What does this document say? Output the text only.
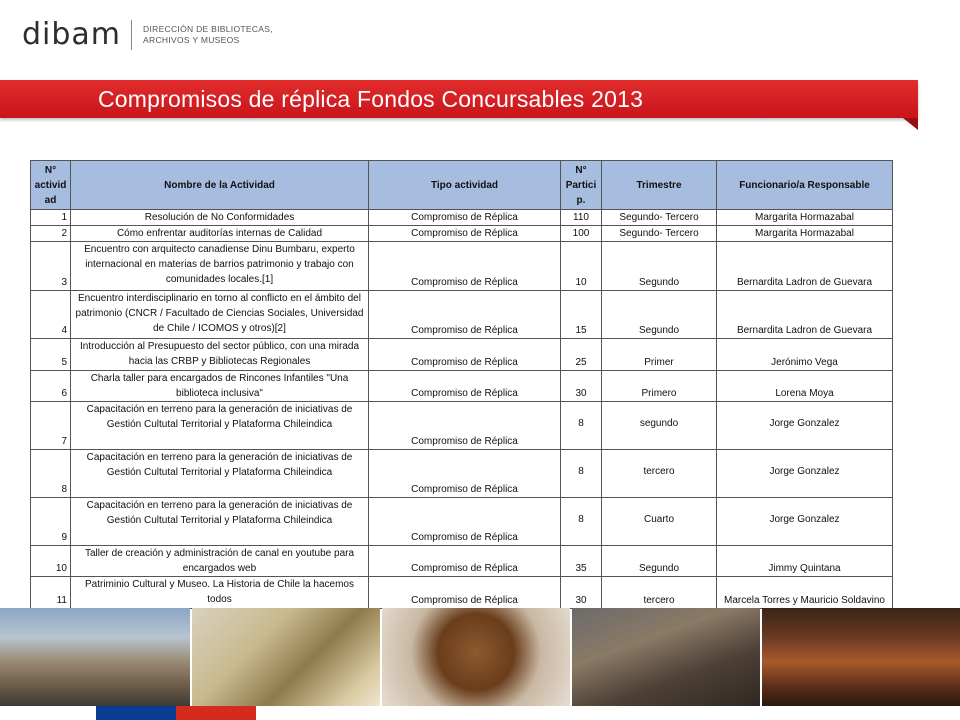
dibam	DIRECCIÓN DE BIBLIOTECAS,
ARCHIVOS Y MUSEOS
Compromisos de réplica Fondos Concursables 2013
N° activid ad	Nombre de la Actividad	Tipo actividad	N° Partici p.	Trimestre	Funcionario/a Responsable
1	Resolución de No Conformidades	Compromiso de Réplica	110	Segundo- Tercero	Margarita Hormazabal
2	Cómo enfrentar auditorías internas de Calidad	Compromiso de Réplica	100	Segundo- Tercero	Margarita Hormazabal
3	Encuentro con arquitecto canadiense Dinu Bumbaru, experto internacional en materias de barrios patrimonio y trabajo con comunidades locales.[1]	Compromiso de Réplica	10	Segundo	Bernardita Ladron de Guevara
4	Encuentro interdisciplinario en torno al conflicto en el ámbito del patrimonio (CNCR / Facultado de Ciencias Sociales, Universidad de Chile / ICOMOS y otros)[2]	Compromiso de Réplica	15	Segundo	Bernardita Ladron de Guevara
5	Introducción al Presupuesto del sector público, con una mirada hacia las CRBP y Bibliotecas Regionales	Compromiso de Réplica	25	Primer	Jerónimo Vega
6	Charla taller para encargados de Rincones Infantiles "Una biblioteca inclusiva"	Compromiso de Réplica	30	Primero	Lorena Moya
7	Capacitación en terreno para la generación de iniciativas de Gestión Cultutal Territorial y Plataforma Chileindica	Compromiso de Réplica	8	segundo	Jorge Gonzalez
8	Capacitación en terreno para la generación de iniciativas de Gestión Cultutal Territorial y Plataforma Chileindica	Compromiso de Réplica	8	tercero	Jorge Gonzalez
9	Capacitación en terreno para la generación de iniciativas de Gestión Cultutal Territorial y Plataforma Chileindica	Compromiso de Réplica	8	Cuarto	Jorge Gonzalez
10	Taller de creación y administración de canal en youtube para encargados web	Compromiso de Réplica	35	Segundo	Jimmy Quintana
11	Patriminio Cultural y Museo. La Historia de Chile la hacemos todos	Compromiso de Réplica	30	tercero	Marcela Torres y Mauricio Soldavino
